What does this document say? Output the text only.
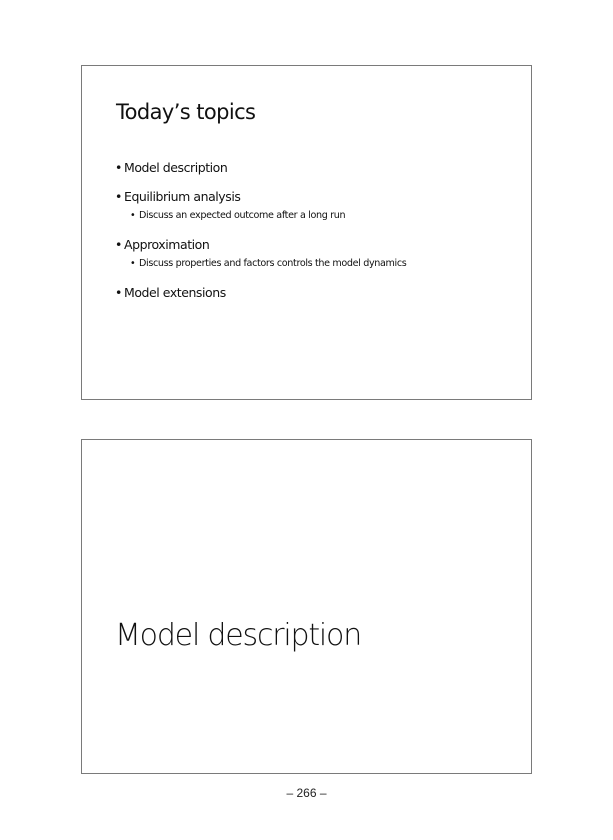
Today’s topics
• Model description
• Equilibrium analysis
• Discuss an expected outcome after a long run
• Approximation
• Discuss properties and factors controls the model dynamics
• Model extensions
Model description
– 266 –
